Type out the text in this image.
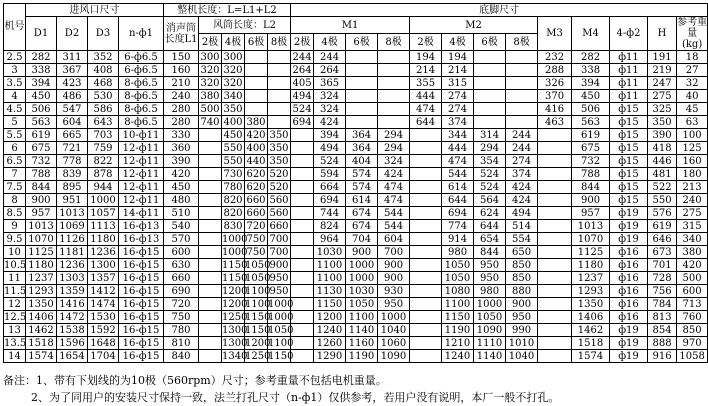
机号	进风口尺寸				整机长度：L=L1+L2					底脚尺寸												
	D1	D2	D3	n-ф1	消声筒长度L1	风筒长度：L2				M1				M2				M3	M4	4-ф2	H	参考重量(kg)
						2极	4极	6极	8极	2极	4极	6极	8极	2极	4极	6极	8极					
2.5	282	311	352	6-ф6.5	150	300	300			244	244			194	194			232	282	ф11	191	18
3	338	367	408	6-ф6.5	160	320	320			264	264			214	214			288	338	ф11	219	27
3.5	394	423	468	8-ф6.5	210	320	320			405	365			355	315			326	394	ф11	247	32
4	450	486	530	8-ф6.5	240	380	340			494	324			444	274			370	450	ф11	275	40
4.5	506	547	586	8-ф6.5	280	500	350			524	324			474	274			416	506	ф15	325	45
5	563	604	643	8-ф6.5	280	740	400	380		694	424			644	374			463	563	ф15	350	63
5.5	619	665	703	10-ф11	330		450	420	350		394	364	294		344	314	244		619	ф15	390	100
6	675	721	759	12-ф11	360		550	400	350		494	364	294		444	294	244		675	ф15	418	125
6.5	732	778	822	12-ф11	390		550	440	350		524	404	324		474	354	274		732	ф15	446	160
7	788	839	878	12-ф11	420		730	620	520		594	574	424		544	524	374		788	ф15	481	180
7.5	844	895	944	12-ф11	450		780	620	520		664	574	474		614	524	424		844	ф15	522	213
8	900	951	1000	12-ф11	480		820	660	560		694	614	474		644	564	424		900	ф15	550	240
8.5	957	1013	1057	14-ф11	510		820	660	560		744	674	544		694	624	494		957	ф19	576	275
9	1013	1069	1113	16-ф13	540		830	720	660		824	674	544		774	644	514		1013	ф19	619	315
9.5	1070	1126	1180	16-ф13	570		1000	750	700		964	704	604		914	654	554		1070	ф19	646	340
10	1125	1181	1236	16-ф15	600		1000	750	700		1030	900	700		980	844	650		1125	ф16	673	380
10.5	1180	1236	1300	16-ф15	630		1150	1050	900		1100	1000	900		1050	950	850		1180	ф16	701	420
11	1237	1303	1357	16-ф15	660		1150	1050	950		1100	1000	900		1050	950	850		1237	ф16	728	500
11.5	1293	1359	1412	16-ф15	690		1200	1100	950		1130	1030	930		1080	980	880		1293	ф16	756	600
12	1350	1416	1474	16-ф15	720		1200	1100	1000		1150	1050	950		1100	1000	900		1350	ф16	784	713
12.5	1406	1472	1530	16-ф15	750		1250	1150	1000		1200	1100	1000		1150	1050	950		1406	ф16	813	760
13	1462	1538	1592	16-ф15	780		1300	1150	1050		1240	1140	1040		1190	1090	990		1462	ф19	854	850
13.5	1518	1596	1648	16-ф15	810		1300	1200	1100		1260	1160	1060		1210	1110	1010		1518	ф19	888	970
14	1574	1654	1704	16-ф15	840		1340	1250	1150		1290	1190	1090		1240	1140	1040		1574	ф19	916	1058
备注：1、带有下划线的为10极（560rpm）尺寸；参考重量不包括电机重量。
2、为了同用户的安装尺寸保持一致，法兰打孔尺寸（n-ф1）仅供参考，若用户没有说明，本厂一般不打孔。
